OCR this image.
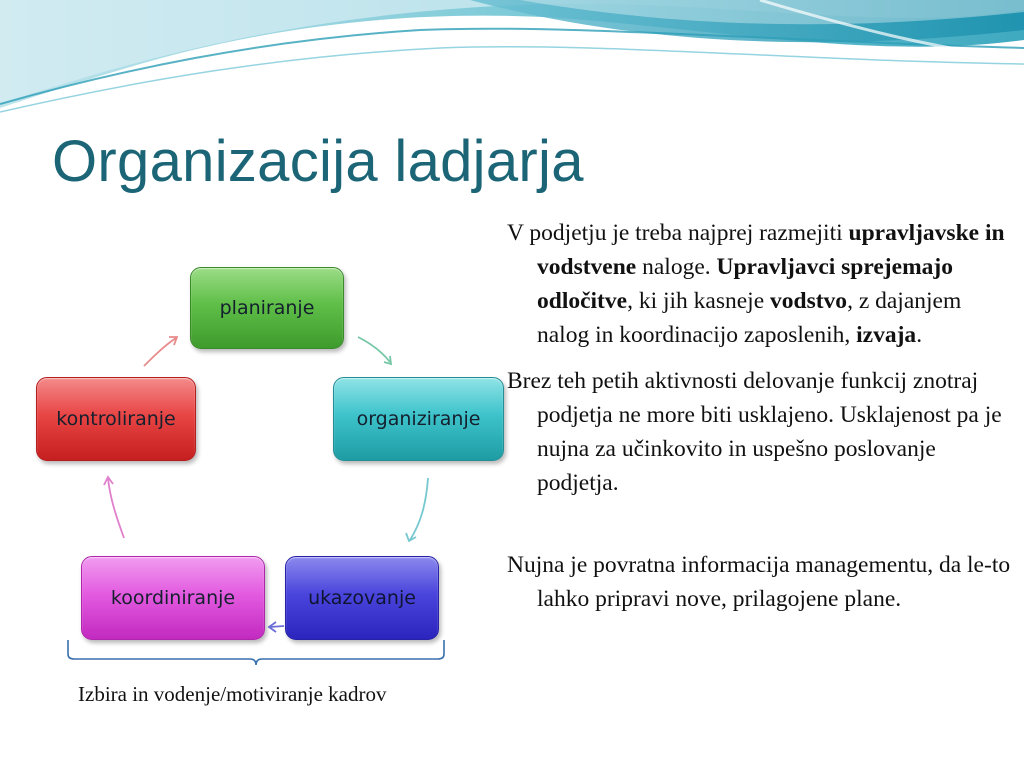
Organizacija ladjarja
planiranje
organiziranje
kontroliranje
koordiniranje	ukazovanje
Izbira in vodenje/motiviranje kadrov

V podjetju je treba najprej razmejiti upravljavske in vodstvene naloge. Upravljavci sprejemajo odločitve, ki jih kasneje vodstvo, z dajanjem nalog in koordinacijo zaposlenih, izvaja.

Brez teh petih aktivnosti delovanje funkcij znotraj podjetja ne more biti usklajeno. Usklajenost pa je nujna za učinkovito in uspešno poslovanje podjetja.

Nujna je povratna informacija managementu, da le-to lahko pripravi nove, prilagojene plane.
